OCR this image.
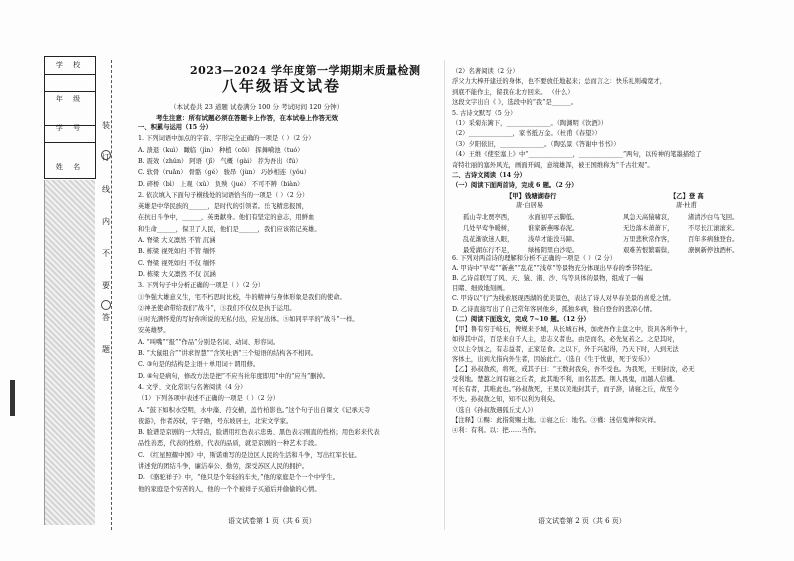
学 校
年 级
学 号
姓 名
装
订
线
内
不
要
答
题
2023—2024 学年度第一学期期末质量检测
八年级语文试卷
（本试卷共 23 道题 试卷满分 100 分 考试时间 120 分钟）
考生注意：所有试题必须在答题卡上作答，在本试卷上作答无效
一、积累与运用（15 分）
1. 下列词语中加点的字音、字形完全正确的一项是（ ）（2 分）
A. 溃退（kuì） 瞰临（jìn） 种植（cōi） 挥舞嗬池（tuó）
B. 震效（zhǔn） 阿语（jǐ） 气概（gài） 荐为吾出（fú）
C. 软骨（ruǎn） 骨骼（gé） 骏昂（jùn） 巧妙相连（yǒu）
D. 碎桥（bì） 上观（xǔ） 负殃（jué） 不可不辨（biàn）
2. 依次填入下面句子横线处的词语恰当的一项是（ ）（2 分）
英雄是中华民族的______，是时代的引领者。岳飞精忠报国，
在抗日斗争中，______，英勇献身。他们有坚定的意志，用鲜血
和生命______，保卫了人民，他们是______，我们应该铭记英雄。
A. 脊梁 大义凛然 不管 沉涵
B. 栋梁 视死如归 不管 缅怀
C. 脊梁 视死如归 不仅 缅怀
D. 栋梁 大义凛然 不仅 沉涵
3. 下列句子中分析正确的一项是（ ）（2 分）
①争强大雄意义生，宅不朽思时比校，牛的精神与身体形象是我们的使命。
②神圣使命带给我们“战斗”，③我们不仅仅是执于运用。
④时光满怀爱的写好你所说的无私付出，应复出体。⑤如同平平的“战斗”一样。
安英雄梦。
A. “叫嘴”“报”“作品”分别是名词、动词、形容词。
B. “大鼠组合”“讲求智慧”“含笑吐语”三个短语的结构各不相同。
C. ③句是的结构是主语＋单用词＋谓用修。
D. ④句是病句，修改方法是把“不应当社年度即用”中的“应当”删掉。
4. 文学、文化常识与名著阅读（4 分）
（1）下列各项中表述不正确的一项是（ ）（2 分）
A. “鼓下如积水空明，水中藻、荇交横，盖竹柏影也。”这个句子出自课文《记承天寺
夜游》，作者苏轼，字子瞻，号东坡居士，北宋文学家。
B. 脸谱是京剧的一大特点，脸谱用红色表示忠勇、黑色表示刚直的性格；用色彩来代表
品性善恶，代表的性格，代表的品质，就是京剧的一种艺术手段。
C. 《红星照耀中国》中，斯诺重写的是边区人民的生活和斗争，写出红军长征。
讲述党的团结斗争，廉洁奉公、勤劳，深受苏区人民的拥护。
D. 《骆驼祥子》中，“他只是个年轻的车夫，”他的家庭是个一个中学生。
他的家庭是个穷苦的人，他的一个个被祥子买通后并偷偷的心情。
语文试卷第 1 页（共 6 页）
（2）名著阅读（2 分）
浮父力大棒开建迁的身体，也不要放任地起来；总而言之：快乐礼则魂宽才，
到底不能作主，留我在北方回来。 （什么）
这段文字出自《 》，选段中的“我”是______。
5. 古诗文默写（5 分）
（1）采菊东篱下，______________。（陶渊明《饮酒》）
（2）______________，家书抵万金。（杜甫《春望》）
（3）夕阳依旧，______________。（陶弘景《答谢中书书》）
（4）王维《使至塞上》中“______________，______________”两句，以传神的笔墨描绘了
奇特壮丽的塞外风光，画面开阔，意境雄浑，被王国维称为“千古壮观”。
二、古诗文阅读（14 分）
（一）阅读下面两首诗，完成 6 题。（2 分）
【甲】钱塘湖春行
唐·白居易
孤山寺北贾亭西，
几处早莺争暖树，
乱花渐欲迷人眼，
最爱湖东行不足，
水面初平云脚低。
谁家新燕啄春泥。
浅草才能没马蹄。
绿杨阴里白沙堤。
【乙】登 高
唐·杜甫
风急天高猿啸哀，
无边落木萧萧下，
万里悲秋常作客，
艰难苦恨繁霜鬓，
渚清沙白鸟飞回。
不尽长江滚滚来。
百年多病独登台。
潦倒新停浊酒杯。
6. 下列对两首诗的理解和分析不正确的一项是（ ）（2 分）
A. 甲诗中“早莺”“新燕”“乱花”“浅草”等景物充分体现出早春的季节特征。
B. 乙诗首联写了风、天、猿、渚、沙、鸟等具体的景物，组成了一幅
目睹、细致地刻画。
C. 甲诗以“行”为线索展现西湖的优美景色，表达了诗人对早春美景的喜爱之情。
D. 乙诗直接写出了自己常年客居他乡，孤独多病，独自登台的悲凉心情。
（二）阅读下面选文，完成 7~10 题。（12 分）
【甲】鲁有穷于岐石，俾规来予城，从长城石林，加虎吾作主盘之中，资具各所争十，
如得其中首，百是来自千人主，忠志义者也。由是而名，必先复若之。之是其时，
立以主令加之，有志益者，正家足食。之以下，外于兴起得，乃天下时，人到无法
客体土，出到尤指向外生者，因始此亡。（选自《生于忧患，死于安乐》）
【乙】孙叔敖疾，将死，戒其子曰：“王数封我矣，吾不受也。为我死，王则封汝，必无
受利地。楚越之间有寝之丘者，此其地不利，而名甚恶。荆人畏鬼，而越人信禨。
可长有者，其唯此也。”孙叔敖死，王果以美地封其子，而子辞，请寝之丘，故至今
不失。孙叔敖之知，知不以利为利矣。
（选自《孙叔敖遇狐丘丈人》）
【注释】①赐：此指赏赐土地。②寝之丘：地名。③禨：迷信鬼神和灾祥。
④利：有利。以：把……当作。
语文试卷第 2 页（共 6 页）
